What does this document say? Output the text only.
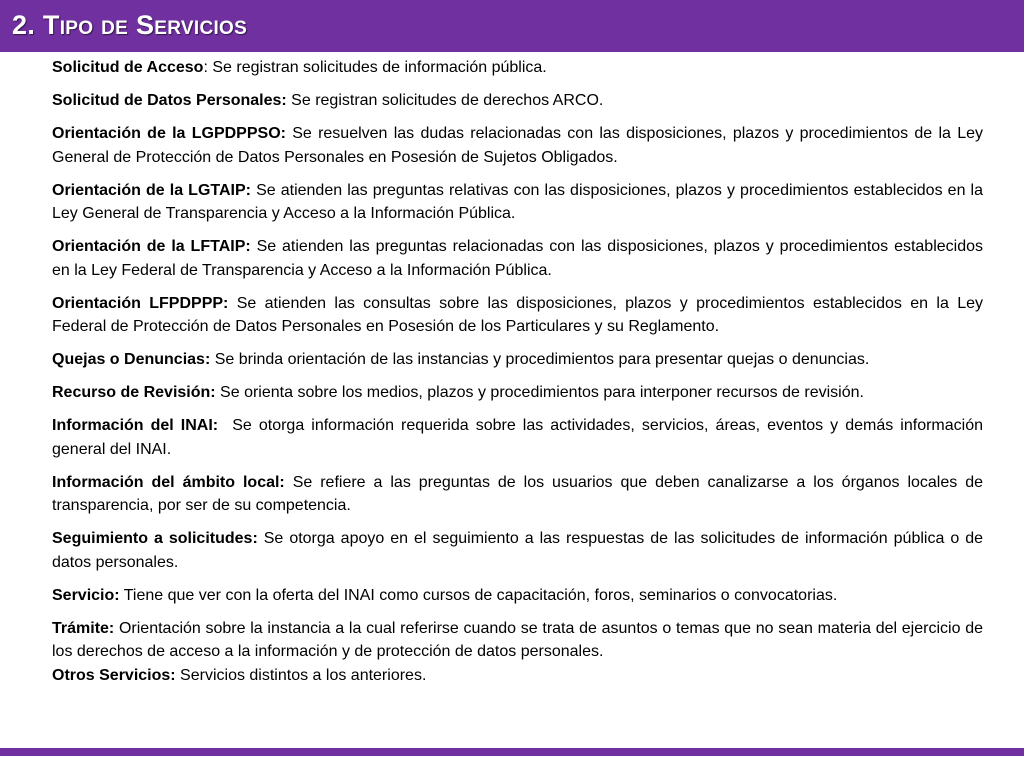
2. Tipo de Servicios

Solicitud de Acceso: Se registran solicitudes de información pública.

Solicitud de Datos Personales: Se registran solicitudes de derechos ARCO.

Orientación de la LGPDPPSO: Se resuelven las dudas relacionadas con las disposiciones, plazos y procedimientos de la Ley General de Protección de Datos Personales en Posesión de Sujetos Obligados.

Orientación de la LGTAIP: Se atienden las preguntas relativas con las disposiciones, plazos y procedimientos establecidos en la Ley General de Transparencia y Acceso a la Información Pública.

Orientación de la LFTAIP: Se atienden las preguntas relacionadas con las disposiciones, plazos y procedimientos establecidos en la Ley Federal de Transparencia y Acceso a la Información Pública.

Orientación LFPDPPP: Se atienden las consultas sobre las disposiciones, plazos y procedimientos establecidos en la Ley Federal de Protección de Datos Personales en Posesión de los Particulares y su Reglamento.

Quejas o Denuncias: Se brinda orientación de las instancias y procedimientos para presentar quejas o denuncias.

Recurso de Revisión: Se orienta sobre los medios, plazos y procedimientos para interponer recursos de revisión.

Información del INAI:  Se otorga información requerida sobre las actividades, servicios, áreas, eventos y demás información general del INAI.

Información del ámbito local: Se refiere a las preguntas de los usuarios que deben canalizarse a los órganos locales de transparencia, por ser de su competencia.

Seguimiento a solicitudes: Se otorga apoyo en el seguimiento a las respuestas de las solicitudes de información pública o de datos personales.

Servicio: Tiene que ver con la oferta del INAI como cursos de capacitación, foros, seminarios o convocatorias.

Trámite: Orientación sobre la instancia a la cual referirse cuando se trata de asuntos o temas que no sean materia del ejercicio de los derechos de acceso a la información y de protección de datos personales.

Otros Servicios: Servicios distintos a los anteriores.
